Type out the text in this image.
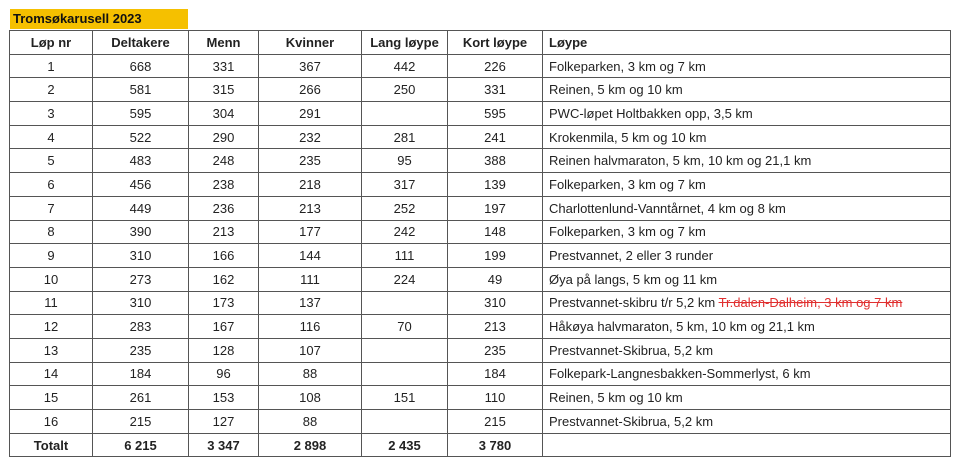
Tromsøkarusell 2023
Løp nr	Deltakere	Menn	Kvinner	Lang løype	Kort løype	Løype
1	668	331	367	442	226	Folkeparken, 3 km og 7 km
2	581	315	266	250	331	Reinen, 5 km og 10 km
3	595	304	291		595	PWC-løpet Holtbakken opp, 3,5 km
4	522	290	232	281	241	Krokenmila, 5 km og 10 km
5	483	248	235	95	388	Reinen halvmaraton, 5 km, 10 km og 21,1 km
6	456	238	218	317	139	Folkeparken, 3 km og 7 km
7	449	236	213	252	197	Charlottenlund-Vanntårnet, 4 km og 8 km
8	390	213	177	242	148	Folkeparken, 3 km og 7 km
9	310	166	144	111	199	Prestvannet, 2 eller 3 runder
10	273	162	111	224	49	Øya på langs, 5 km og 11 km
11	310	173	137		310	Prestvannet-skibru t/r 5,2 km Tr.dalen-Dalheim, 3 km og 7 km
12	283	167	116	70	213	Håkøya halvmaraton, 5 km, 10 km og 21,1 km
13	235	128	107		235	Prestvannet-Skibrua, 5,2 km
14	184	96	88		184	Folkepark-Langnesbakken-Sommerlyst, 6 km
15	261	153	108	151	110	Reinen, 5 km og 10 km
16	215	127	88		215	Prestvannet-Skibrua, 5,2 km
Totalt	6 215	3 347	2 898	2 435	3 780	
